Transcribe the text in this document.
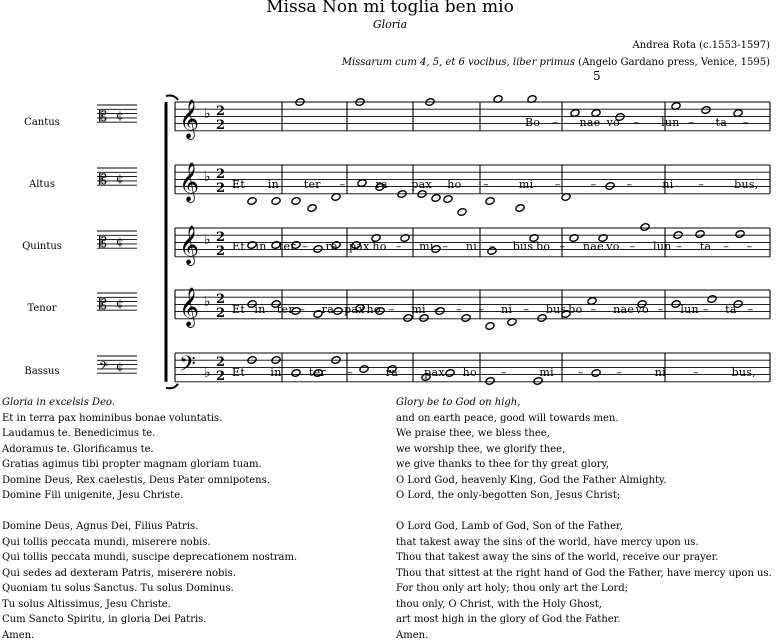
Missa Non mi toglia ben mio
Gloria
Andrea Rota (c.1553-1597)
Missarum cum 4, 5, et 6 vocibus, liber primus (Angelo Gardano press, Venice, 1595)
𝄞 ♭ 2
2
¢
𝄡
𝄞 ♭ 2
2
¢
𝄡
𝄞 ♭ 2
2
¢
𝄡
𝄞 ♭ 2
2
¢
𝄡
𝄢 ♭
2
2
¢
𝄢
5
Cantus
Altus
Quintus
Tenor
Bassus
Bo – nae vo – lun – ta –
Et in ter –	ra pax ho –	mi –	–	–	ni –	bus,
Et in ter – ra pax ho – mi – ni – bus bo – nae vo – lun – ta – –
Et in ter – ra pax ho – mi – – – ni – bus bo – nae vo – lun – ta –
Et in ter –	ra pax ho –	mi –	–	ni –	bus,
Gloria in excelsis Deo.
Et in terra pax hominibus bonae voluntatis.
Laudamus te. Benedicimus te.
Adoramus te. Glorificamus te.
Gratias agimus tibi propter magnam gloriam tuam.
Domine Deus, Rex caelestis, Deus Pater omnipotens.
Domine Fili unigenite, Jesu Christe.

Domine Deus, Agnus Dei, Filius Patris.
Qui tollis peccata mundi, miserere nobis.
Qui tollis peccata mundi, suscipe deprecationem nostram.
Qui sedes ad dexteram Patris, miserere nobis.
Quoniam tu solus Sanctus. Tu solus Dominus.
Tu solus Altissimus, Jesu Christe.
Cum Sancto Spiritu, in gloria Dei Patris.
Amen.
Glory be to God on high,
and on earth peace, good will towards men.
We praise thee, we bless thee,
we worship thee, we glorify thee,
we give thanks to thee for thy great glory,
O Lord God, heavenly King, God the Father Almighty.
O Lord, the only-begotten Son, Jesus Christ;

O Lord God, Lamb of God, Son of the Father,
that takest away the sins of the world, have mercy upon us.
Thou that takest away the sins of the world, receive our prayer.
Thou that sittest at the right hand of God the Father, have mercy upon us.
For thou only art holy; thou only art the Lord;
thou only, O Christ, with the Holy Ghost,
art most high in the glory of God the Father.
Amen.
